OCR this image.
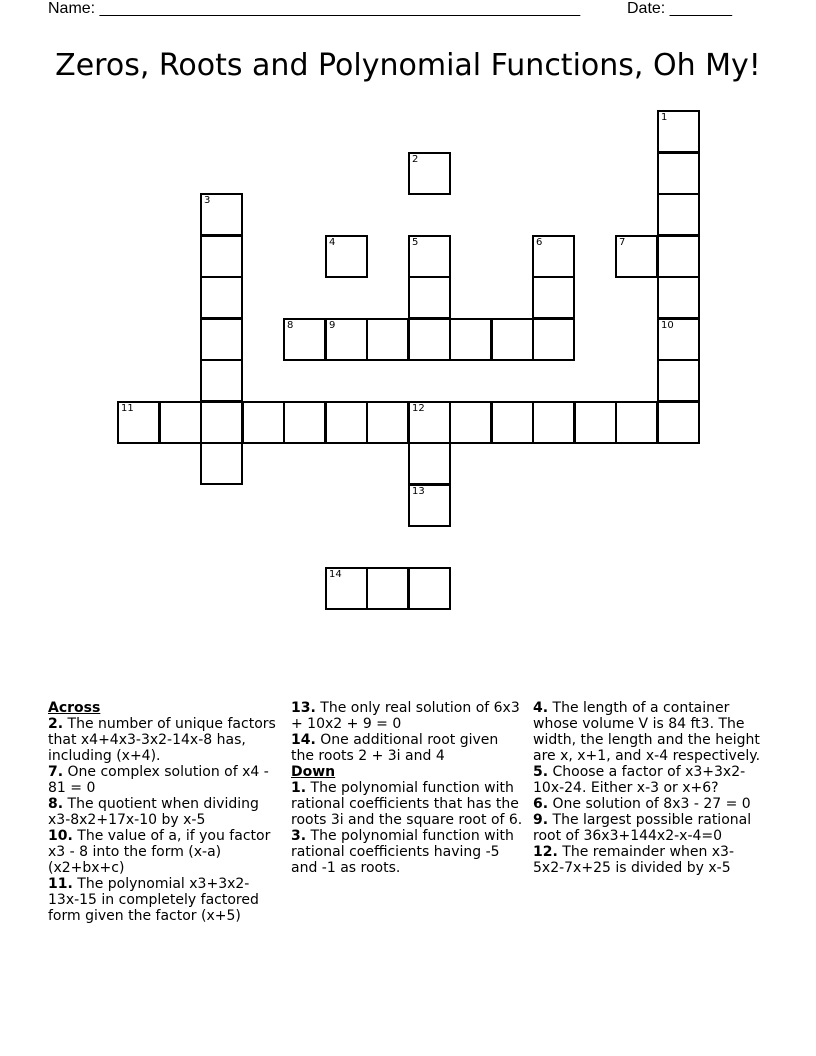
Name: ______________________________________________________	Date: _______
Zeros, Roots and Polynomial Functions, Oh My!
1
10
2
3
4	5	6	7
8	9
11	12
13
14

Across

2. The number of unique factors that x4+4x3-3x2-14x-8 has, including (x+4).

7. One complex solution of x4 - 81 = 0

8. The quotient when dividing x3-8x2+17x-10 by x-5

10. The value of a, if you factor x3 - 8 into the form (x-a)(x2+bx+c)

11. The polynomial x3+3x2-13x-15 in completely factored form given the factor (x+5)

13. The only real solution of 6x3 + 10x2 + 9 = 0

14. One additional root given the roots 2 + 3i and 4

Down

1. The polynomial function with rational coefficients that has the roots 3i and the square root of 6.

3. The polynomial function with rational coefficients having -5 and -1 as roots.

4. The length of a container whose volume V is 84 ft3. The width, the length and the height are x, x+1, and x-4 respectively.

5. Choose a factor of x3+3x2-10x-24. Either x-3 or x+6?

6. One solution of 8x3 - 27 = 0

9. The largest possible rational root of 36x3+144x2-x-4=0

12. The remainder when x3-5x2-7x+25 is divided by x-5
